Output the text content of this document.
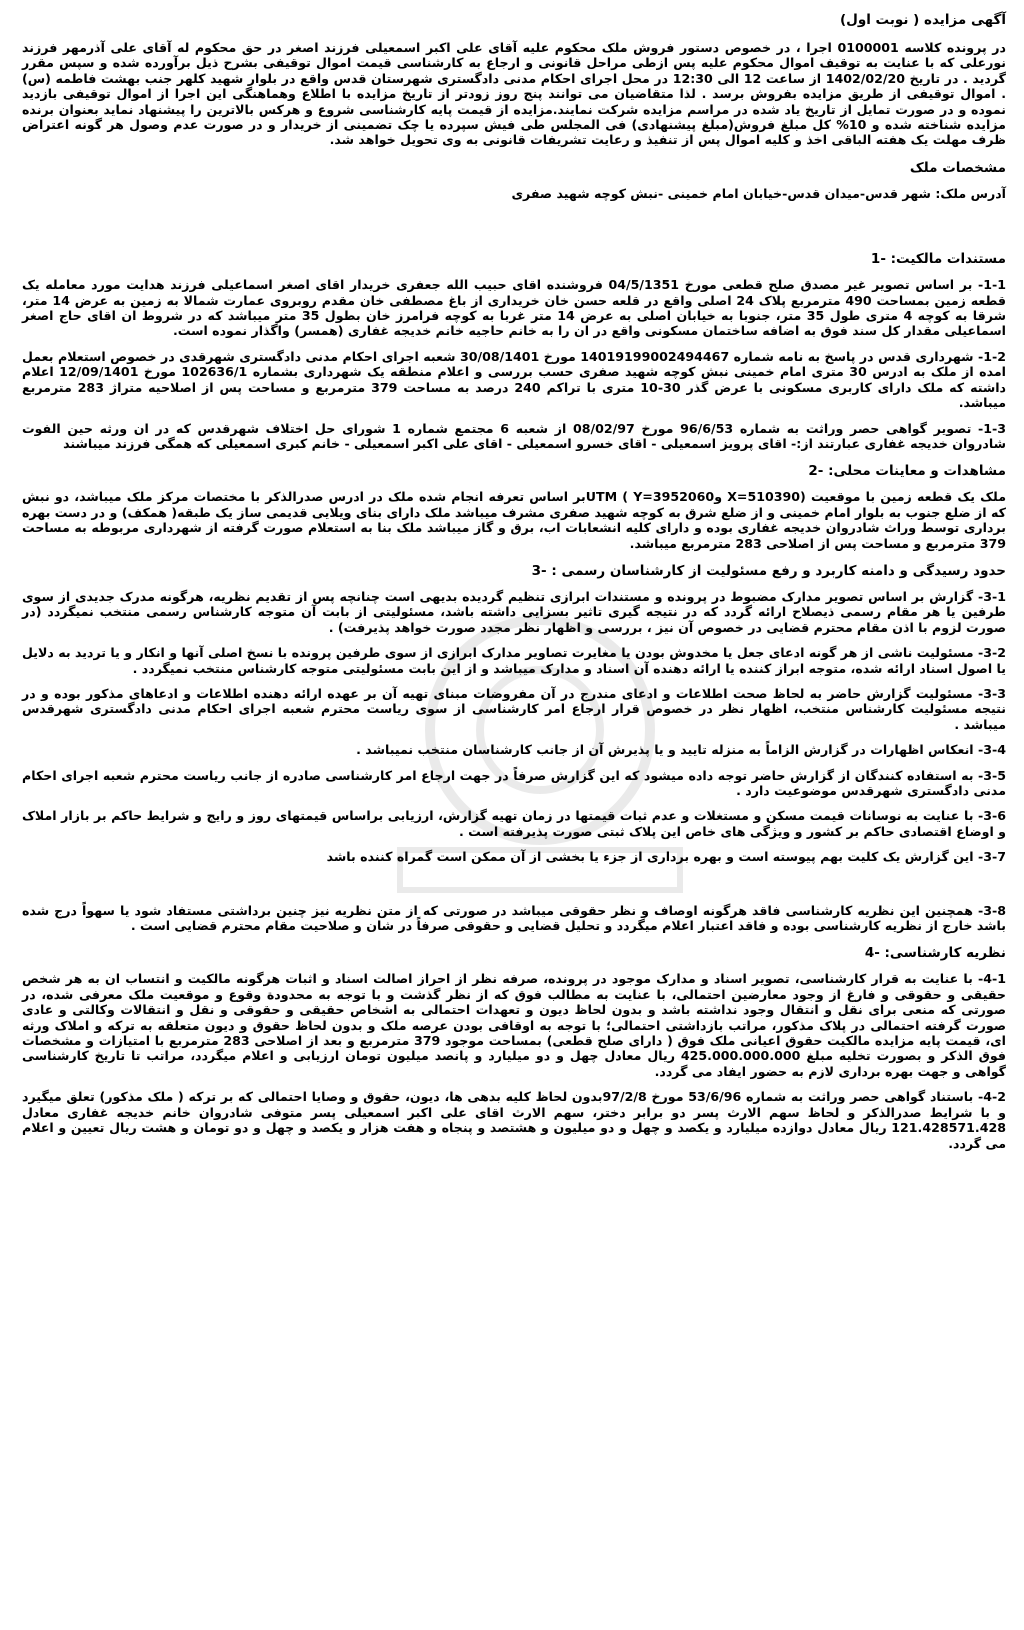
آگهی مزایده ( نوبت اول)

در پرونده کلاسه 0100001 اجرا ، در خصوص دستور فروش ملک محکوم علیه آقای علی اکبر اسمعیلی فرزند اصغر در حق محکوم له آقای علی آذرمهر فرزند نورعلی که با عنایت به توقیف اموال محکوم علیه پس ازطی مراحل قانونی و ارجاع به کارشناسی قیمت اموال توقیفی بشرح ذیل برآورده شده و سپس مقرر گردید . در تاریخ 1402/02/20 از ساعت 12 الی 12:30 در محل اجرای احکام مدنی دادگستری شهرستان قدس واقع در بلوار شهید کلهر جنب بهشت فاطمه (س) . اموال توقیفی از طریق مزایده بفروش برسد . لذا متقاضیان می توانند پنج روز زودتر از تاریخ مزایده با اطلاع وهماهنگی این اجرا از اموال توقیفی بازدید نموده و در صورت تمایل از تاریخ یاد شده در مراسم مزایده شرکت نمایند.مزایده از قیمت پایه کارشناسی شروع و هرکس بالاترین را پیشنهاد نماید بعنوان برنده مزایده شناخته شده و 10% کل مبلغ فروش(مبلغ پیشنهادی) فی المجلس طی فیش سپرده یا چک تضمینی از خریدار و در صورت عدم وصول هر گونه اعتراض ظرف مهلت یک هفته الباقی اخذ و کلیه اموال پس از تنفیذ و رعایت تشریفات قانونی به وی تحویل خواهد شد.

مشخصات ملک

آدرس ملک: شهر قدس-میدان قدس-خیابان امام خمینی -نبش کوچه شهید صفری

مستندات مالکیت: -1

1-1- بر اساس تصویر غیر مصدق صلح قطعی مورخ 04/5/1351 فروشنده اقای حبیب الله جعفری خریدار اقای اصغر اسماعیلی فرزند هدایت مورد معامله یک قطعه زمین بمساحت 490 مترمربع پلاک 24 اصلی واقع در قلعه حسن خان خریداری از باغ مصطفی خان مقدم روبروی عمارت شمالا به زمین به عرض 14 متر، شرقا به کوچه 4 متری طول 35 متر، جنوبا به خیابان اصلی به عرض 14 متر غربا به کوچه فرامرز خان بطول 35 متر میباشد که در شروط ان اقای حاج اصغر اسماعیلی مقدار کل سند فوق به اضافه ساختمان مسکونی واقع در ان را به خانم حاجیه خانم خدیجه غفاری (همسر) واگذار نموده است.

1-2- شهرداری قدس در پاسخ به نامه شماره 14019199002494467 مورخ 30/08/1401 شعبه اجرای احکام مدنی دادگستری شهرقدی در خصوص استعلام بعمل امده از ملک به ادرس 30 متری امام خمینی نبش کوچه شهید صفری حسب بررسی و اعلام منطقه یک شهرداری بشماره 102636/1 مورخ 12/09/1401 اعلام داشته که ملک دارای کاربری مسکونی با عرض گذر 30-10 متری با تراکم 240 درصد به مساحت 379 مترمربع و مساحت پس از اصلاحیه متراژ 283 مترمربع میباشد.

1-3- تصویر گواهی حصر وراثت به شماره 96/6/53 مورخ 08/02/97 از شعبه 6 مجتمع شماره 1 شورای حل اختلاف شهرقدس که در ان ورثه حین الفوت شادروان خدیجه غفاری عبارتند از:- اقای پرویز اسمعیلی - اقای خسرو اسمعیلی - اقای علی اکبر اسمعیلی - خانم کبری اسمعیلی که همگی فرزند میباشند

مشاهدات و معاینات محلی: -2

ملک یک قطعه زمین با موقعیت (X=510390 وY=3952060 ) UTMبر اساس تعرفه انجام شده ملک در ادرس صدرالذکر با مختصات مرکز ملک میباشد، دو نبش که از ضلع جنوب به بلوار امام خمینی و از ضلع شرق به کوچه شهید صفری مشرف میباشد ملک دارای بنای ویلایی قدیمی ساز یک طبقه( همکف) و در دست بهره برداری توسط وراث شادروان خدیجه غفاری بوده و دارای کلیه انشعابات اب، برق و گاز میباشد ملک بنا به استعلام صورت گرفته از شهرداری مربوطه به مساحت 379 مترمربع و مساحت پس از اصلاحی 283 مترمربع میباشد.

حدود رسیدگی و دامنه کاربرد و رفع مسئولیت از کارشناسان رسمی : -3

3-1- گزارش بر اساس تصویر مدارک مضبوط در پرونده و مستندات ابرازی تنظیم گردیده بدیهی است چنانچه پس از تقدیم نظریه، هرگونه مدرک جدیدی از سوی طرفین یا هر مقام رسمی ذیصلاح ارائه گردد که در نتیجه گیری تاثیر بسزایی داشته باشد، مسئولیتی از بابت آن متوجه کارشناس رسمی منتخب نمیگردد (در صورت لزوم با اذن مقام محترم قضایی در خصوص آن نیز ، بررسی و اظهار نظر مجدد صورت خواهد پذیرفت) .

3-2- مسئولیت ناشی از هر گونه ادعای جعل یا مخدوش بودن یا مغایرت تصاویر مدارک ابرازی از سوی طرفین پرونده با نسخ اصلی آنها و انکار و یا تردید به دلایل یا اصول اسناد ارائه شده، متوجه ابراز کننده یا ارائه دهنده آن اسناد و مدارک میباشد و از این بابت مسئولیتی متوجه کارشناس منتخب نمیگردد .

3-3- مسئولیت گزارش حاضر به لحاظ صحت اطلاعات و ادعای مندرج در آن مفروضات مبنای تهیه آن بر عهده ارائه دهنده اطلاعات و ادعاهای مذکور بوده و در نتیجه مسئولیت کارشناس منتخب، اظهار نظر در خصوص قرار ارجاع امر کارشناسی از سوی ریاست محترم شعبه اجرای احکام مدنی دادگستری شهرقدس میباشد .

3-4- انعکاس اظهارات در گزارش الزاماً به منزله تایید و یا پذیرش آن از جانب کارشناسان منتخب نمیباشد .

3-5- به استفاده کنندگان از گزارش حاضر توجه داده میشود که این گزارش صرفاً در جهت ارجاع امر کارشناسی صادره از جانب ریاست محترم شعبه اجرای احکام مدنی دادگستری شهرقدس موضوعیت دارد .

3-6- با عنایت به نوسانات قیمت مسکن و مستغلات و عدم ثبات قیمتها در زمان تهیه گزارش، ارزیابی براساس قیمتهای روز و رایج و شرایط حاکم بر بازار املاک و اوضاع اقتصادی حاکم بر کشور و ویژگی های خاص این پلاک ثبتی صورت پذیرفته است .

3-7- این گزارش یک کلیت بهم پیوسته است و بهره برداری از جزء یا بخشی از آن ممکن است گمراه کننده باشد

3-8- همچنین این نظریه کارشناسی فاقد هرگونه اوصاف و نظر حقوقی میباشد در صورتی که از متن نظریه نیز چنین برداشتی مستفاد شود یا سهواً درج شده باشد خارج از نظریه کارشناسی بوده و فاقد اعتبار اعلام میگردد و تحلیل قضایی و حقوقی صرفاً در شان و صلاحیت مقام محترم قضایی است .

نظریه کارشناسی: -4

4-1- با عنایت به قرار کارشناسی، تصویر اسناد و مدارک موجود در پرونده، صرفه نظر از احراز اصالت اسناد و اثبات هرگونه مالکیت و انتساب ان به هر شخص حقیقی و حقوقی و فارغ از وجود معارضین احتمالی، با عنایت به مطالب فوق که از نظر گذشت و با توجه به محدودة وقوع و موقعیت ملک معرفی شده، در صورتی که منعی برای نقل و انتقال وجود نداشته باشد و بدون لحاظ دیون و تعهدات احتمالی به اشخاص حقیقی و حقوقی و نقل و انتقالات وکالتی و عادی صورت گرفته احتمالی در پلاک مذکور، مراتب بازداشتی احتمالی؛ با توجه به اوقافی بودن عرصه ملک و بدون لحاظ حقوق و دیون متعلقه به ترکه و املاک ورثه ای، قیمت پایه مزایده مالکیت حقوق اعیانی ملک فوق ( دارای صلح قطعی) بمساحت موجود 379 مترمربع و بعد از اصلاحی 283 مترمربع با امتیازات و مشخصات فوق الذکر و بصورت تخلیه مبلغ 425.000.000.000 ریال معادل چهل و دو میلیارد و پانصد میلیون تومان ارزیابی و اعلام میگردد، مراتب تا تاریخ کارشناسی گواهی و جهت بهره برداری لازم به حضور ایفاد می گردد.

4-2- باستناد گواهی حصر وراثت به شماره 53/6/96 مورخ 97/2/8بدون لحاظ کلیه بدهی ها، دیون، حقوق و وصایا احتمالی که بر ترکه ( ملک مذکور) تعلق میگیرد و با شرایط صدرالذکر و لحاظ سهم الارث پسر دو برابر دختر، سهم الارث اقای علی اکبر اسمعیلی پسر متوفی شادروان خانم خدیجه غفاری معادل 121.428571.428 ریال معادل دوازده میلیارد و یکصد و چهل و دو میلیون و هشتصد و پنجاه و هفت هزار و یکصد و چهل و دو تومان و هشت ریال تعیین و اعلام می گردد.
